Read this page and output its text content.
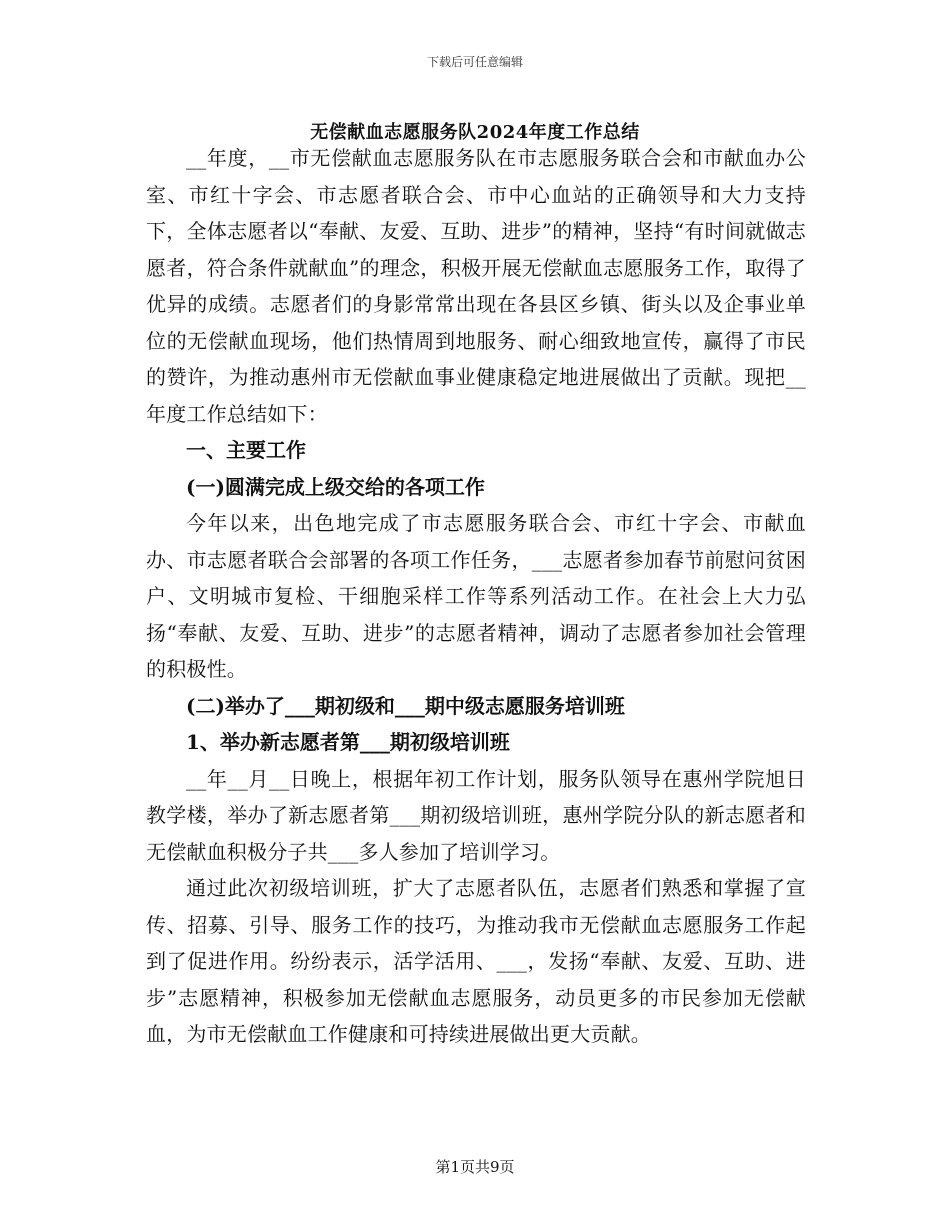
下载后可任意编辑
无偿献血志愿服务队2024年度工作总结

__年度，__市无偿献血志愿服务队在市志愿服务联合会和市献血办公室、市红十字会、市志愿者联合会、市中心血站的正确领导和大力支持下，全体志愿者以“奉献、友爱、互助、进步”的精神，坚持“有时间就做志愿者，符合条件就献血”的理念，积极开展无偿献血志愿服务工作，取得了优异的成绩。志愿者们的身影常常出现在各县区乡镇、街头以及企事业单位的无偿献血现场，他们热情周到地服务、耐心细致地宣传，赢得了市民的赞许，为推动惠州市无偿献血事业健康稳定地进展做出了贡献。现把__年度工作总结如下：

一、主要工作

(一)圆满完成上级交给的各项工作

今年以来，出色地完成了市志愿服务联合会、市红十字会、市献血办、市志愿者联合会部署的各项工作任务，___志愿者参加春节前慰问贫困户、文明城市复检、干细胞采样工作等系列活动工作。在社会上大力弘扬“奉献、友爱、互助、进步”的志愿者精神，调动了志愿者参加社会管理的积极性。

(二)举办了___期初级和___期中级志愿服务培训班

1、举办新志愿者第___期初级培训班

__年__月__日晚上，根据年初工作计划，服务队领导在惠州学院旭日教学楼，举办了新志愿者第___期初级培训班，惠州学院分队的新志愿者和无偿献血积极分子共___多人参加了培训学习。

通过此次初级培训班，扩大了志愿者队伍，志愿者们熟悉和掌握了宣传、招募、引导、服务工作的技巧，为推动我市无偿献血志愿服务工作起到了促进作用。纷纷表示，活学活用、___，发扬“奉献、友爱、互助、进步”志愿精神，积极参加无偿献血志愿服务，动员更多的市民参加无偿献血，为市无偿献血工作健康和可持续进展做出更大贡献。

第1页共9页
